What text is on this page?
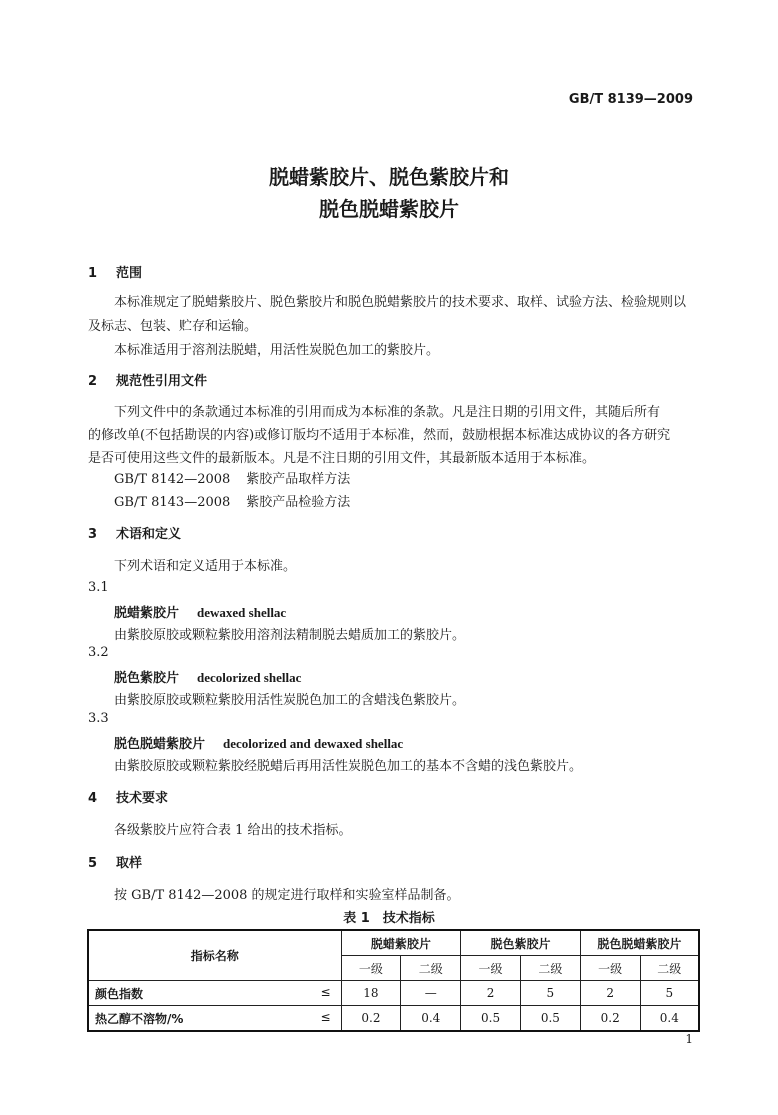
GB/T 8139—2009
脱蜡紫胶片、脱色紫胶片和
脱色脱蜡紫胶片
1 范围
本标准规定了脱蜡紫胶片、脱色紫胶片和脱色脱蜡紫胶片的技术要求、取样、试验方法、检验规则以
及标志、包装、贮存和运输。
本标准适用于溶剂法脱蜡，用活性炭脱色加工的紫胶片。
2 规范性引用文件
下列文件中的条款通过本标准的引用而成为本标准的条款。凡是注日期的引用文件，其随后所有
的修改单(不包括勘误的内容)或修订版均不适用于本标准，然而，鼓励根据本标准达成协议的各方研究
是否可使用这些文件的最新版本。凡是不注日期的引用文件，其最新版本适用于本标准。
GB/T 8142—2008 紫胶产品取样方法
GB/T 8143—2008 紫胶产品检验方法
3 术语和定义
下列术语和定义适用于本标准。
3.1
脱蜡紫胶片 dewaxed shellac
由紫胶原胶或颗粒紫胶用溶剂法精制脱去蜡质加工的紫胶片。
3.2
脱色紫胶片 decolorized shellac
由紫胶原胶或颗粒紫胶用活性炭脱色加工的含蜡浅色紫胶片。
3.3
脱色脱蜡紫胶片 decolorized and dewaxed shellac
由紫胶原胶或颗粒紫胶经脱蜡后再用活性炭脱色加工的基本不含蜡的浅色紫胶片。
4 技术要求
各级紫胶片应符合表 1 给出的技术指标。
5 取样
按 GB/T 8142—2008 的规定进行取样和实验室样品制备。
表 1　技术指标
指标名称	脱蜡紫胶片		脱色紫胶片		脱色脱蜡紫胶片	
	一级	二级	一级	二级	一级	二级
颜色指数 ≤	18	—	2	5	2	5
热乙醇不溶物/% ≤	0.2	0.4	0.5	0.5	0.2	0.4
1
